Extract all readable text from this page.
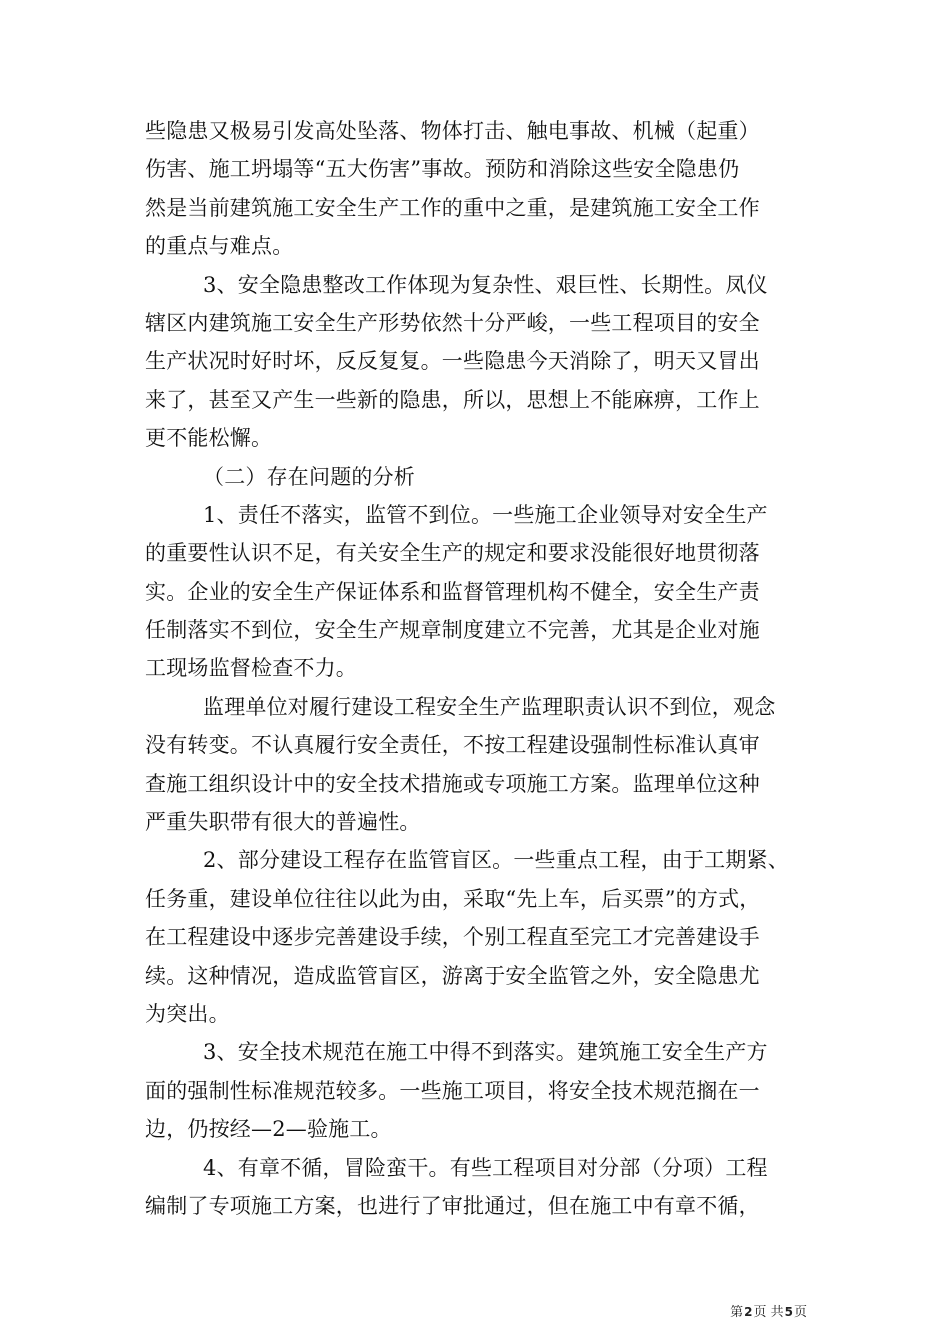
些隐患又极易引发高处坠落、物体打击、触电事故、机械（起重）
伤害、施工坍塌等“五大伤害”事故。预防和消除这些安全隐患仍
然是当前建筑施工安全生产工作的重中之重，是建筑施工安全工作
的重点与难点。
3、安全隐患整改工作体现为复杂性、艰巨性、长期性。凤仪
辖区内建筑施工安全生产形势依然十分严峻，一些工程项目的安全
生产状况时好时坏，反反复复。一些隐患今天消除了，明天又冒出
来了，甚至又产生一些新的隐患，所以，思想上不能麻痹，工作上
更不能松懈。
（二）存在问题的分析
1、责任不落实，监管不到位。一些施工企业领导对安全生产
的重要性认识不足，有关安全生产的规定和要求没能很好地贯彻落
实。企业的安全生产保证体系和监督管理机构不健全，安全生产责
任制落实不到位，安全生产规章制度建立不完善，尤其是企业对施
工现场监督检查不力。
监理单位对履行建设工程安全生产监理职责认识不到位，观念
没有转变。不认真履行安全责任，不按工程建设强制性标准认真审
查施工组织设计中的安全技术措施或专项施工方案。监理单位这种
严重失职带有很大的普遍性。
2、部分建设工程存在监管盲区。一些重点工程，由于工期紧、
任务重，建设单位往往以此为由，采取“先上车，后买票”的方式，
在工程建设中逐步完善建设手续，个别工程直至完工才完善建设手
续。这种情况，造成监管盲区，游离于安全监管之外，安全隐患尤
为突出。
3、安全技术规范在施工中得不到落实。建筑施工安全生产方
面的强制性标准规范较多。一些施工项目，将安全技术规范搁在一
边，仍按经—2—验施工。
4、有章不循，冒险蛮干。有些工程项目对分部（分项）工程
编制了专项施工方案，也进行了审批通过，但在施工中有章不循，
第2页 共5页
